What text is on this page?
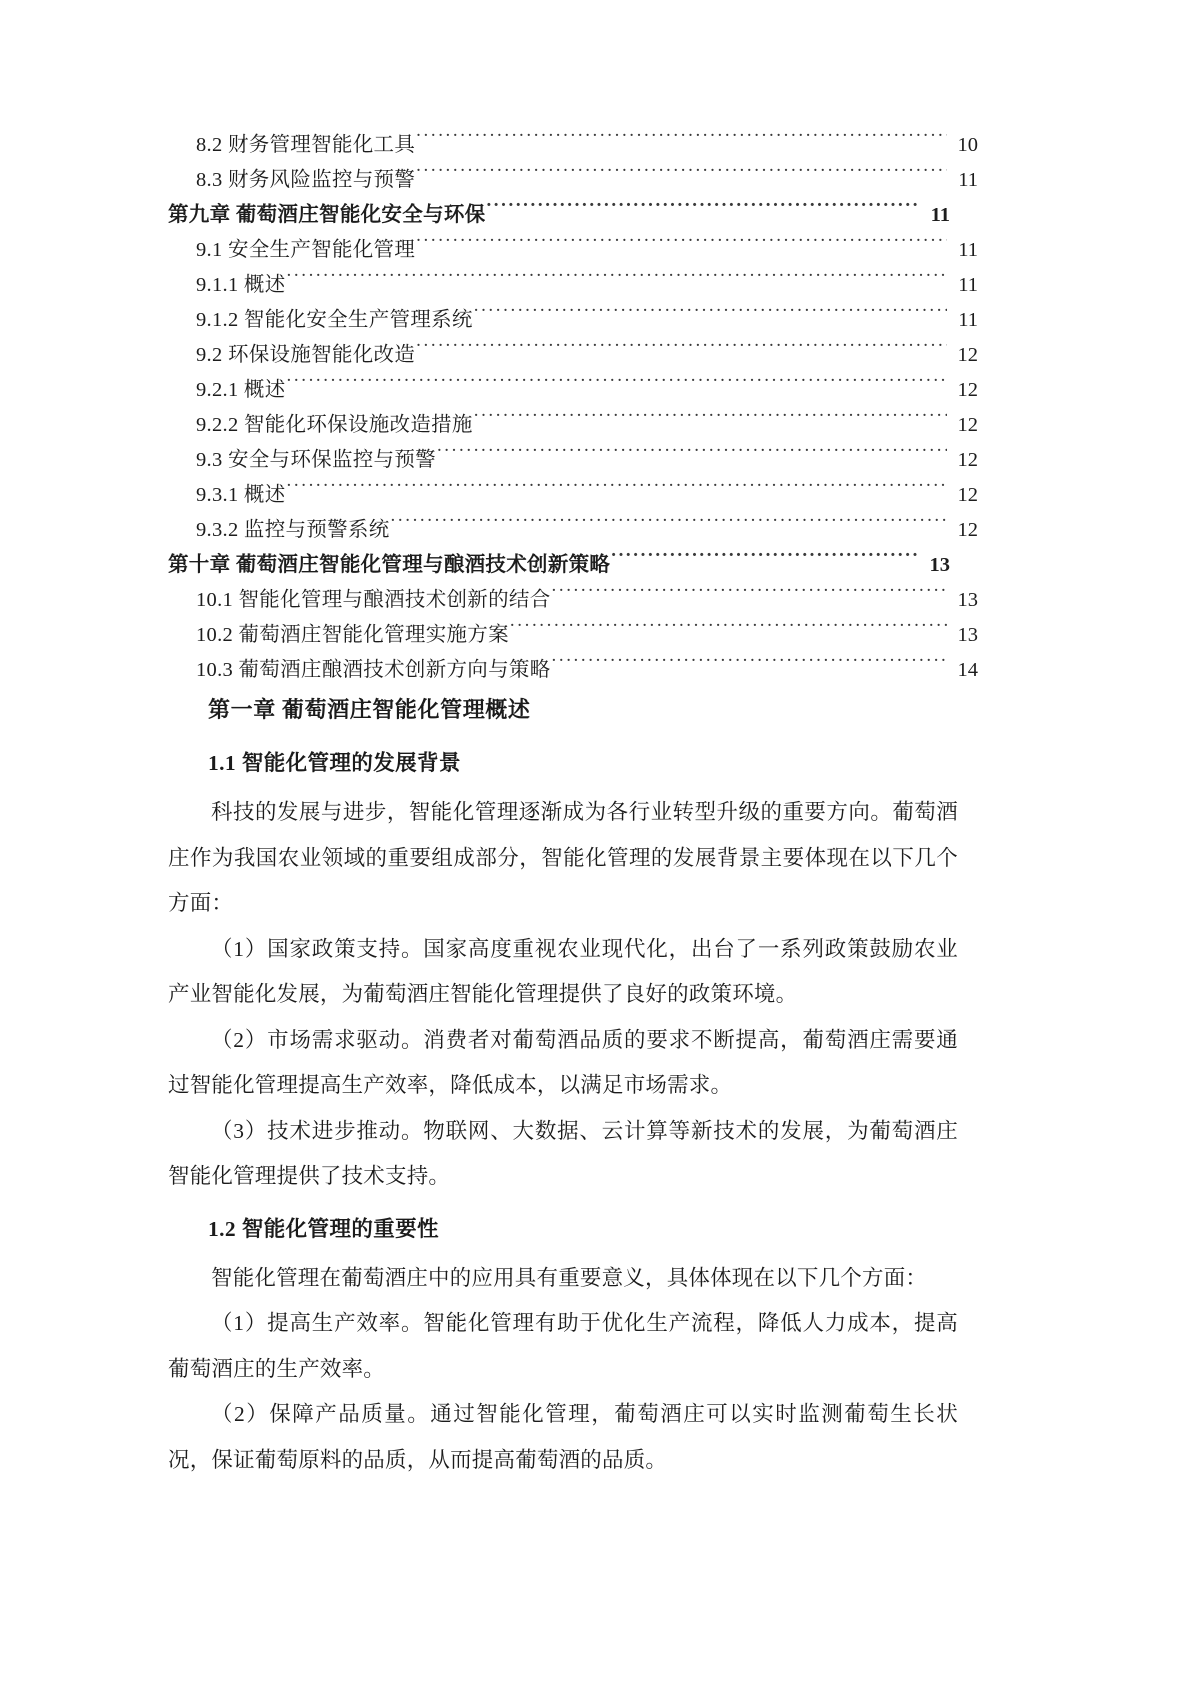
8.2 财务管理智能化工具 .....	10
8.3 财务风险监控与预警 .....	11
第九章 葡萄酒庄智能化安全与环保 .....	11
9.1 安全生产智能化管理 .....	11
9.1.1 概述 .....	11
9.1.2 智能化安全生产管理系统 .....	11
9.2 环保设施智能化改造 .....	12
9.2.1 概述 .....	12
9.2.2 智能化环保设施改造措施 .....	12
9.3 安全与环保监控与预警 .....	12
9.3.1 概述 .....	12
9.3.2 监控与预警系统 .....	12
第十章 葡萄酒庄智能化管理与酿酒技术创新策略 .....	13
10.1 智能化管理与酿酒技术创新的结合 .....	13
10.2 葡萄酒庄智能化管理实施方案 .....	13
10.3 葡萄酒庄酿酒技术创新方向与策略 .....	14
第一章 葡萄酒庄智能化管理概述
1.1 智能化管理的发展背景

科技的发展与进步，智能化管理逐渐成为各行业转型升级的重要方向。葡萄酒庄作为我国农业领域的重要组成部分，智能化管理的发展背景主要体现在以下几个方面：

（1）国家政策支持。国家高度重视农业现代化，出台了一系列政策鼓励农业产业智能化发展，为葡萄酒庄智能化管理提供了良好的政策环境。

（2）市场需求驱动。消费者对葡萄酒品质的要求不断提高，葡萄酒庄需要通过智能化管理提高生产效率，降低成本，以满足市场需求。

（3）技术进步推动。物联网、大数据、云计算等新技术的发展，为葡萄酒庄智能化管理提供了技术支持。

1.2 智能化管理的重要性

智能化管理在葡萄酒庄中的应用具有重要意义，具体体现在以下几个方面：

（1）提高生产效率。智能化管理有助于优化生产流程，降低人力成本，提高葡萄酒庄的生产效率。

（2）保障产品质量。通过智能化管理，葡萄酒庄可以实时监测葡萄生长状况，保证葡萄原料的品质，从而提高葡萄酒的品质。
